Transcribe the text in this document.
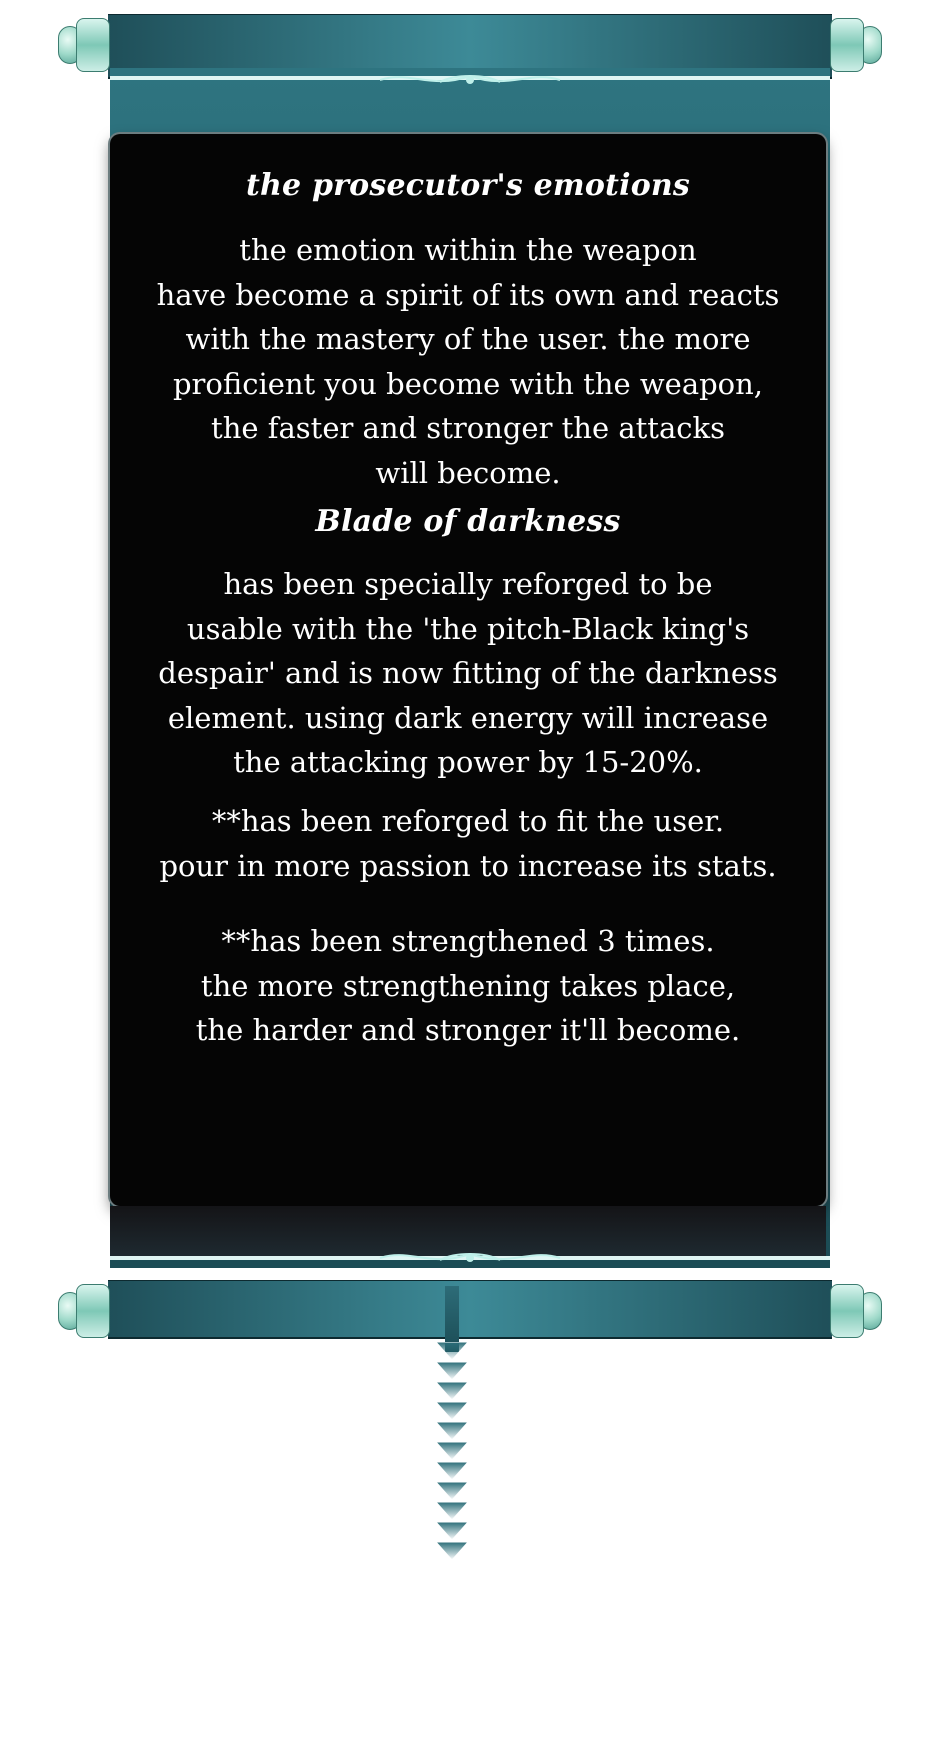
the prosecutor's emotions
the emotion within the weapon
have become a spirit of its own and reacts
with the mastery of the user. the more
proficient you become with the weapon,
the faster and stronger the attacks
will become.
Blade of darkness
has been specially reforged to be
usable with the 'the pitch-Black king's
despair' and is now fitting of the darkness
element. using dark energy will increase
the attacking power by 15-20%.
**has been reforged to fit the user.
pour in more passion to increase its stats.
**has been strengthened 3 times.
the more strengthening takes place,
the harder and stronger it'll become.
